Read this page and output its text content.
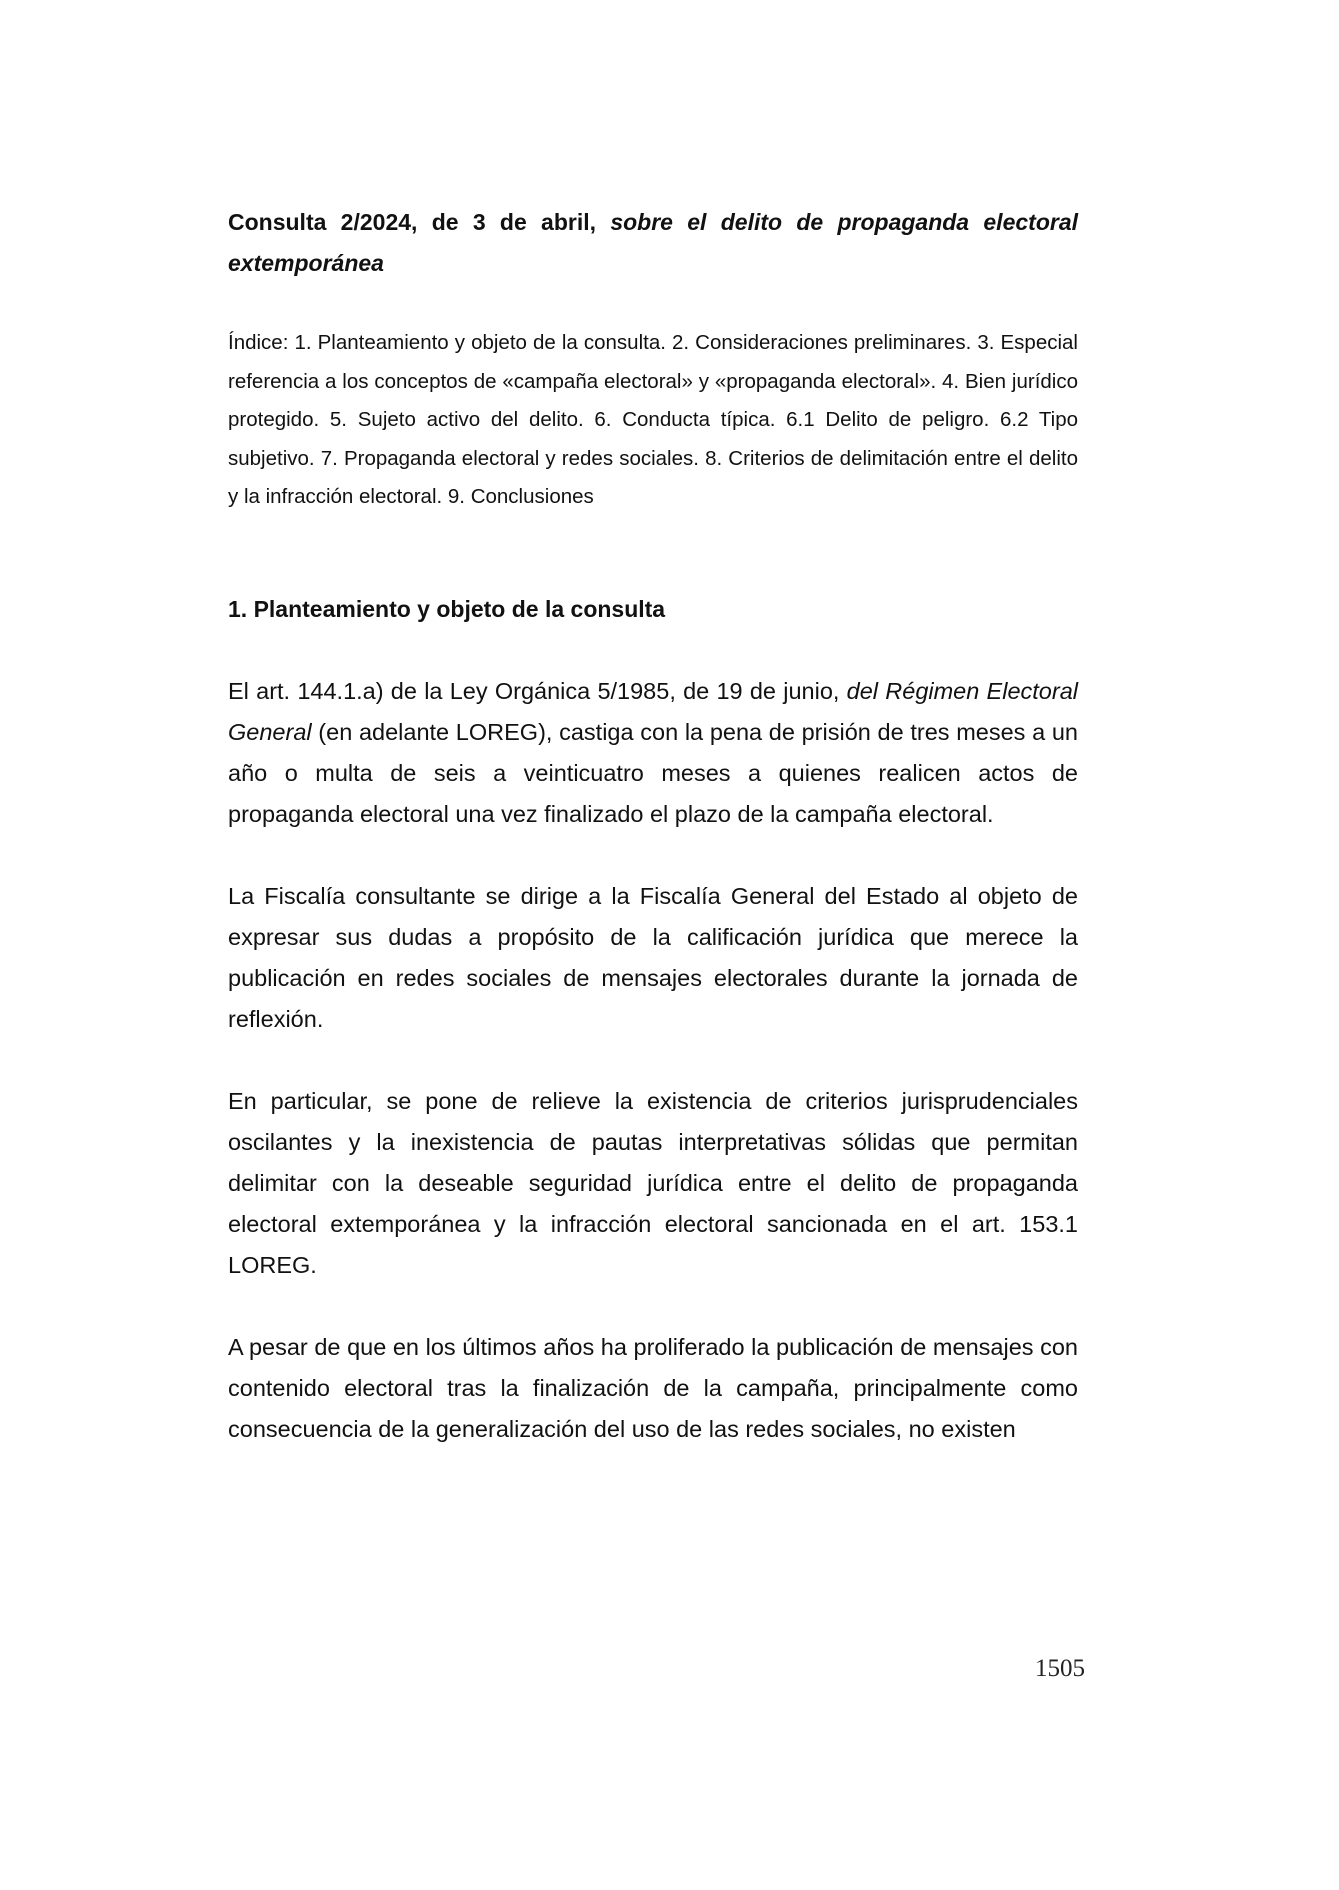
Consulta 2/2024, de 3 de abril, sobre el delito de propaganda electoral extemporánea

Índice: 1. Planteamiento y objeto de la consulta. 2. Consideraciones preliminares. 3. Especial referencia a los conceptos de «campaña electoral» y «propaganda electoral». 4. Bien jurídico protegido. 5. Sujeto activo del delito. 6. Conducta típica. 6.1 Delito de peligro. 6.2 Tipo subjetivo. 7. Propaganda electoral y redes sociales. 8. Criterios de delimitación entre el delito y la infracción electoral. 9. Conclusiones

1. Planteamiento y objeto de la consulta

El art. 144.1.a) de la Ley Orgánica 5/1985, de 19 de junio, del Régimen Electoral General (en adelante LOREG), castiga con la pena de prisión de tres meses a un año o multa de seis a veinticuatro meses a quienes realicen actos de propaganda electoral una vez finalizado el plazo de la campaña electoral.

La Fiscalía consultante se dirige a la Fiscalía General del Estado al objeto de expresar sus dudas a propósito de la calificación jurídica que merece la publicación en redes sociales de mensajes electorales durante la jornada de reflexión.

En particular, se pone de relieve la existencia de criterios jurisprudenciales oscilantes y la inexistencia de pautas interpretativas sólidas que permitan delimitar con la deseable seguridad jurídica entre el delito de propaganda electoral extemporánea y la infracción electoral sancionada en el art. 153.1 LOREG.

A pesar de que en los últimos años ha proliferado la publicación de mensajes con contenido electoral tras la finalización de la campaña, principalmente como consecuencia de la generalización del uso de las redes sociales, no existen

1505
